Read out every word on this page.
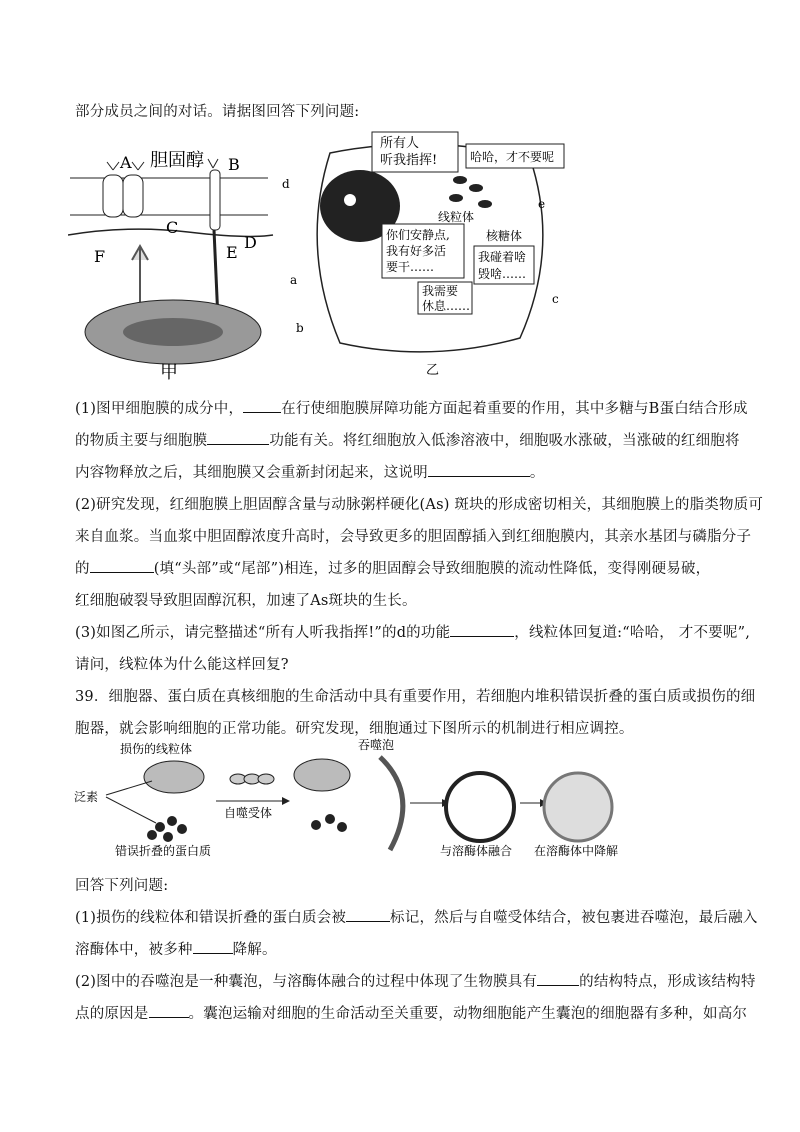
部分成员之间的对话。请据图回答下列问题:
A 胆固醇 B
C
D
E
F
甲
所有人
听我指挥!	哈哈，才不要呢
你们安静点,
我有好多活
要干……
我碰着啥
毁啥……
我需要
休息……
线粒体
核糖体
a
b
c
d
e
乙
(1)图甲细胞膜的成分中，	在行使细胞膜屏障功能方面起着重要的作用，其中多糖与B蛋白结合形成
的物质主要与细胞膜	功能有关。将红细胞放入低渗溶液中，细胞吸水涨破，当涨破的红细胞将
内容物释放之后，其细胞膜又会重新封闭起来，这说明	。
(2)研究发现，红细胞膜上胆固醇含量与动脉粥样硬化(As) 斑块的形成密切相关，其细胞膜上的脂类物质可
来自血浆。当血浆中胆固醇浓度升高时，会导致更多的胆固醇插入到红细胞膜内，其亲水基团与磷脂分子
的	(填“头部”或“尾部”)相连，过多的胆固醇会导致细胞膜的流动性降低，变得刚硬易破，
红细胞破裂导致胆固醇沉积，加速了As斑块的生长。
(3)如图乙所示，请完整描述“所有人听我指挥!”的d的功能	，线粒体回复道:“哈哈， 才不要呢”,
请问，线粒体为什么能这样回复?
39．细胞器、蛋白质在真核细胞的生命活动中具有重要作用，若细胞内堆积错误折叠的蛋白质或损伤的细
胞器，就会影响细胞的正常功能。研究发现，细胞通过下图所示的机制进行相应调控。
损伤的线粒体
泛素
错误折叠的蛋白质
自噬受体
吞噬泡
与溶酶体融合 在溶酶体中降解
回答下列问题:
(1)损伤的线粒体和错误折叠的蛋白质会被	标记，然后与自噬受体结合，被包裹进吞噬泡，最后融入
溶酶体中，被多种	降解。
(2)图中的吞噬泡是一种囊泡，与溶酶体融合的过程中体现了生物膜具有	的结构特点，形成该结构特
点的原因是	。囊泡运输对细胞的生命活动至关重要，动物细胞能产生囊泡的细胞器有多种，如高尔
